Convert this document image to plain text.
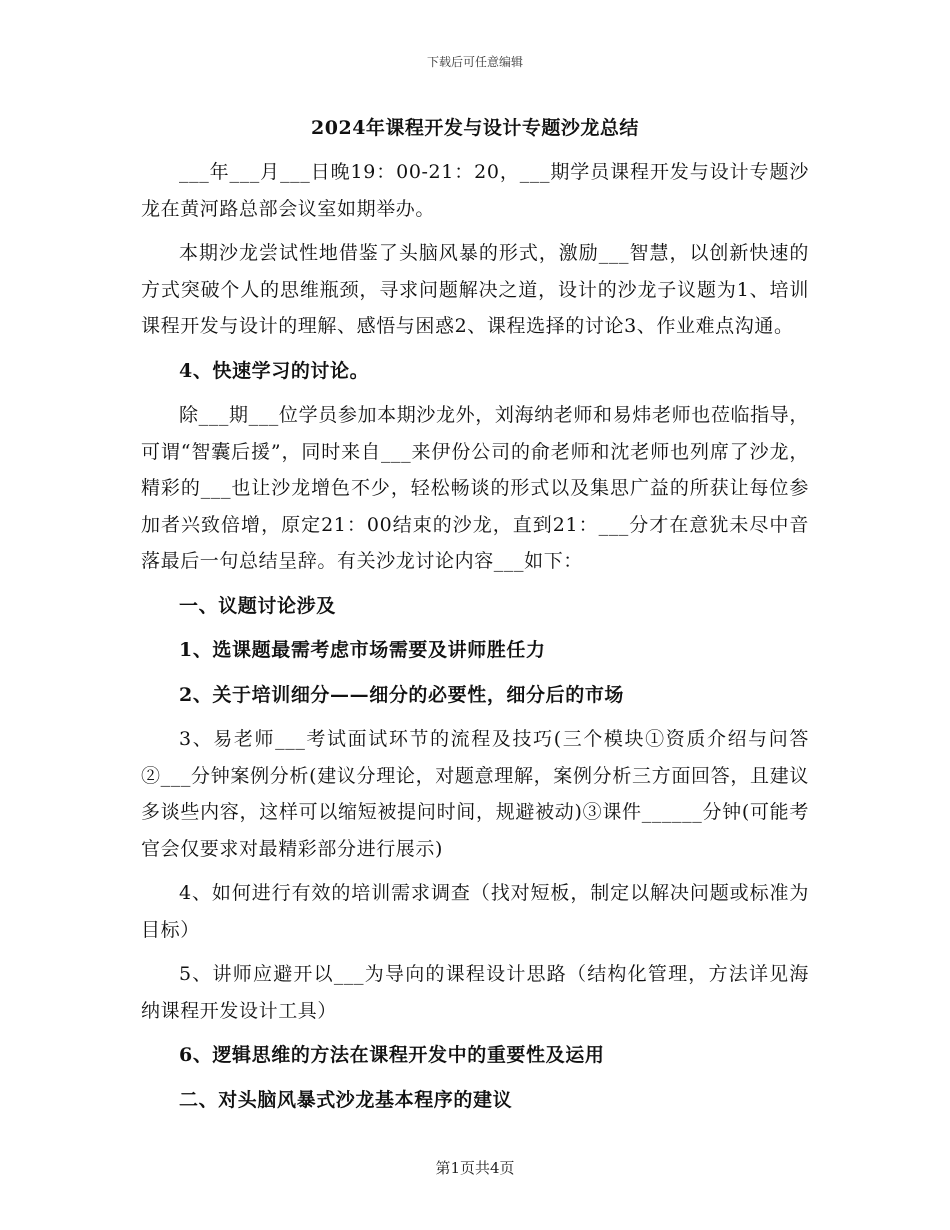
下载后可任意编辑
2024年课程开发与设计专题沙龙总结

___年___月___日晚19：00-21：20，___期学员课程开发与设计专题沙龙在黄河路总部会议室如期举办。

本期沙龙尝试性地借鉴了头脑风暴的形式，激励___智慧，以创新快速的方式突破个人的思维瓶颈，寻求问题解决之道，设计的沙龙子议题为1、培训课程开发与设计的理解、感悟与困惑2、课程选择的讨论3、作业难点沟通。

4、快速学习的讨论。

除___期___位学员参加本期沙龙外，刘海纳老师和易炜老师也莅临指导，可谓“智囊后援”，同时来自___来伊份公司的俞老师和沈老师也列席了沙龙，精彩的___也让沙龙增色不少，轻松畅谈的形式以及集思广益的所获让每位参加者兴致倍增，原定21：00结束的沙龙，直到21：___分才在意犹未尽中音落最后一句总结呈辞。有关沙龙讨论内容___如下：

一、议题讨论涉及

1、选课题最需考虑市场需要及讲师胜任力

2、关于培训细分——细分的必要性，细分后的市场

3、易老师___考试面试环节的流程及技巧(三个模块①资质介绍与问答②___分钟案例分析(建议分理论，对题意理解，案例分析三方面回答，且建议多谈些内容，这样可以缩短被提问时间，规避被动)③课件______分钟(可能考官会仅要求对最精彩部分进行展示)

4、如何进行有效的培训需求调查（找对短板，制定以解决问题或标准为目标）

5、讲师应避开以___为导向的课程设计思路（结构化管理，方法详见海纳课程开发设计工具）

6、逻辑思维的方法在课程开发中的重要性及运用

二、对头脑风暴式沙龙基本程序的建议

第1页共4页
